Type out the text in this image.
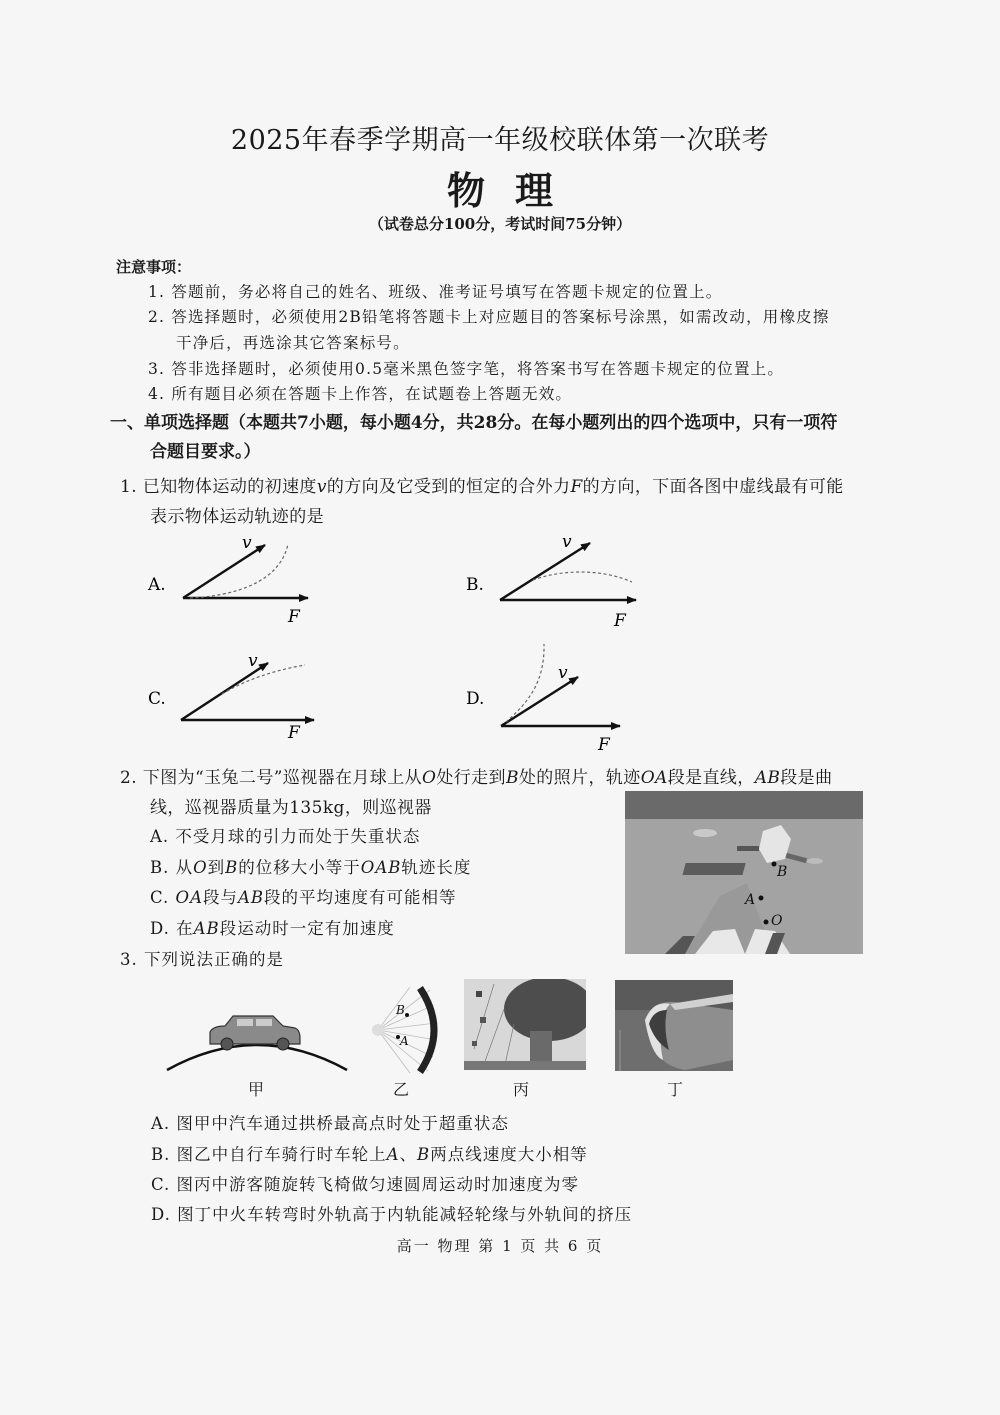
2025年春季学期高一年级校联体第一次联考
物理
（试卷总分100分，考试时间75分钟）
注意事项：
1. 答题前，务必将自己的姓名、班级、准考证号填写在答题卡规定的位置上。
2. 答选择题时，必须使用2B铅笔将答题卡上对应题目的答案标号涂黑，如需改动，用橡皮擦
干净后，再选涂其它答案标号。
3. 答非选择题时，必须使用0.5毫米黑色签字笔，将答案书写在答题卡规定的位置上。
4. 所有题目必须在答题卡上作答，在试题卷上答题无效。
一、单项选择题（本题共7小题，每小题4分，共28分。在每小题列出的四个选项中，只有一项符
合题目要求。）
1. 已知物体运动的初速度v的方向及它受到的恒定的合外力F的方向，下面各图中虚线最有可能
表示物体运动轨迹的是
A.
v
F
B.
v
F
C.
v
F
D.
v
F
2. 下图为“玉兔二号”巡视器在月球上从O处行走到B处的照片，轨迹OA段是直线，AB段是曲
线，巡视器质量为135kg，则巡视器
A. 不受月球的引力而处于失重状态
B. 从O到B的位移大小等于OAB轨迹长度
C. OA段与AB段的平均速度有可能相等
D. 在AB段运动时一定有加速度
B
A
O
3. 下列说法正确的是
甲
B
A
乙	丙	丁
A. 图甲中汽车通过拱桥最高点时处于超重状态
B. 图乙中自行车骑行时车轮上A、B两点线速度大小相等
C. 图丙中游客随旋转飞椅做匀速圆周运动时加速度为零
D. 图丁中火车转弯时外轨高于内轨能减轻轮缘与外轨间的挤压
高一 物理 第 1 页 共 6 页
